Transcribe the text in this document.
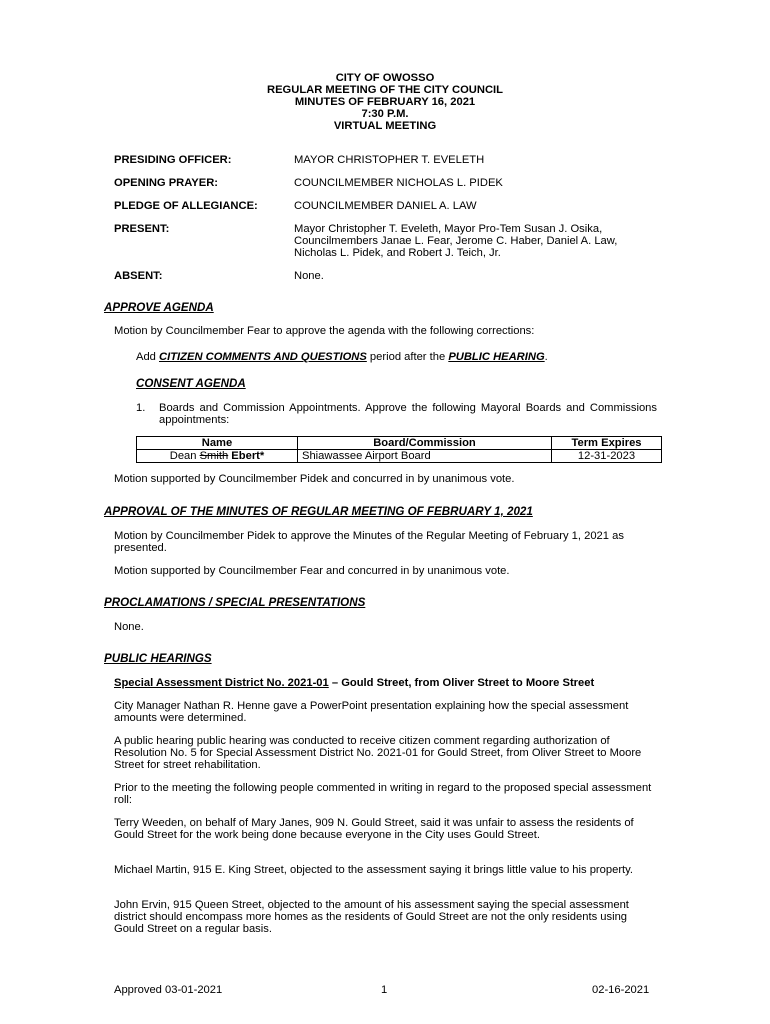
CITY OF OWOSSO
REGULAR MEETING OF THE CITY COUNCIL
MINUTES OF FEBRUARY 16, 2021
7:30 P.M.
VIRTUAL MEETING
PRESIDING OFFICER:	MAYOR CHRISTOPHER T. EVELETH
OPENING PRAYER:	COUNCILMEMBER NICHOLAS L. PIDEK
PLEDGE OF ALLEGIANCE:	COUNCILMEMBER DANIEL A. LAW
PRESENT:	Mayor Christopher T. Eveleth, Mayor Pro-Tem Susan J. Osika, Councilmembers Janae L. Fear, Jerome C. Haber, Daniel A. Law, Nicholas L. Pidek, and Robert J. Teich, Jr.
ABSENT:	None.
APPROVE AGENDA
Motion by Councilmember Fear to approve the agenda with the following corrections:
Add CITIZEN COMMENTS AND QUESTIONS period after the PUBLIC HEARING.
CONSENT AGENDA
1. Boards and Commission Appointments. Approve the following Mayoral Boards and Commissions appointments:
Name	Board/Commission	Term Expires
Dean Smith Ebert*	Shiawassee Airport Board	12-31-2023
Motion supported by Councilmember Pidek and concurred in by unanimous vote.
APPROVAL OF THE MINUTES OF REGULAR MEETING OF FEBRUARY 1, 2021
Motion by Councilmember Pidek to approve the Minutes of the Regular Meeting of February 1, 2021 as presented.
Motion supported by Councilmember Fear and concurred in by unanimous vote.
PROCLAMATIONS / SPECIAL PRESENTATIONS
None.
PUBLIC HEARINGS
Special Assessment District No. 2021-01 – Gould Street, from Oliver Street to Moore Street
City Manager Nathan R. Henne gave a PowerPoint presentation explaining how the special assessment amounts were determined.
A public hearing public hearing was conducted to receive citizen comment regarding authorization of Resolution No. 5 for Special Assessment District No. 2021-01 for Gould Street, from Oliver Street to Moore Street for street rehabilitation.
Prior to the meeting the following people commented in writing in regard to the proposed special assessment roll:
Terry Weeden, on behalf of Mary Janes, 909 N. Gould Street, said it was unfair to assess the residents of Gould Street for the work being done because everyone in the City uses Gould Street.
Michael Martin, 915 E. King Street, objected to the assessment saying it brings little value to his property.
John Ervin, 915 Queen Street, objected to the amount of his assessment saying the special assessment district should encompass more homes as the residents of Gould Street are not the only residents using Gould Street on a regular basis.
Approved 03-01-2021	1	02-16-2021
